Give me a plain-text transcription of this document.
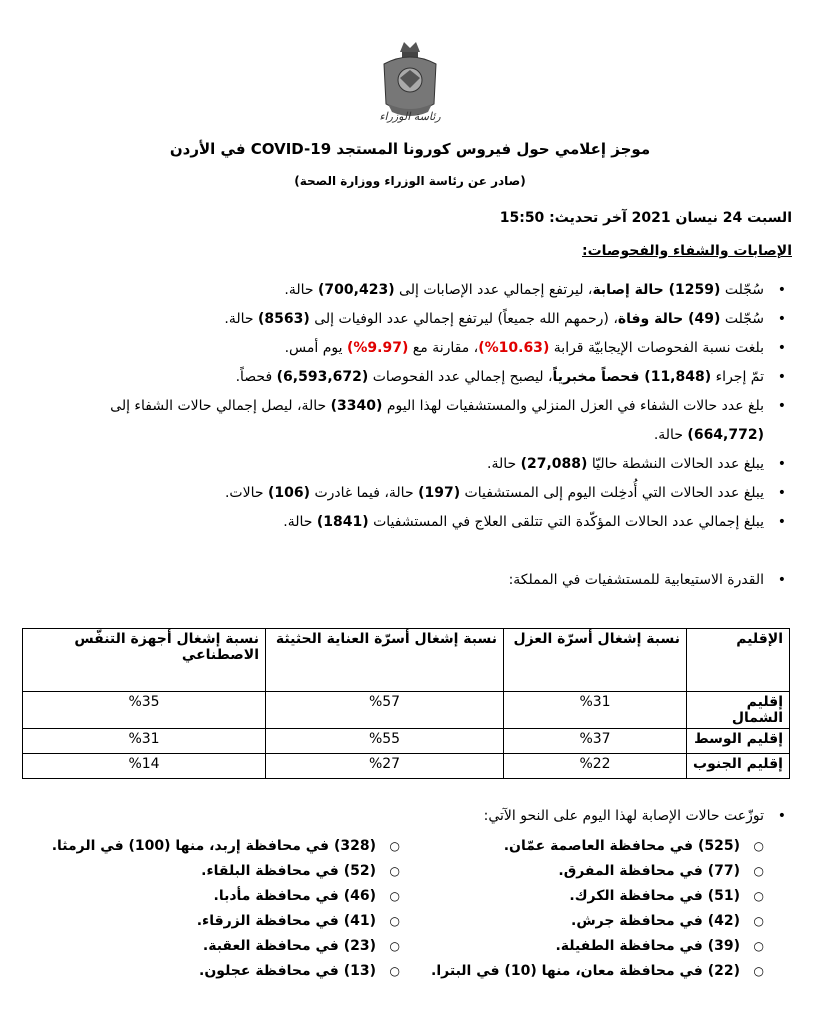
رئاسة الوزراء
موجز إعلامي حول فيروس كورونا المستجد COVID-19 في الأردن
(صادر عن رئاسة الوزراء ووزارة الصحة)
السبت 24 نيسان 2021 آخر تحديث: 15:50
الإصابات والشفاء والفحوصات:
• سُجّلت (1259) حالة إصابة، ليرتفع إجمالي عدد الإصابات إلى (700,423) حالة.
• سُجّلت (49) حالة وفاة، (رحمهم الله جميعاً) ليرتفع إجمالي عدد الوفيات إلى (8563) حالة.
• بلغت نسبة الفحوصات الإيجابيّة قرابة (10.63%)، مقارنة مع (9.97%) يوم أمس.
• تمّ إجراء (11,848) فحصاً مخبرياً، ليصبح إجمالي عدد الفحوصات (6,593,672) فحصاً.
• بلغ عدد حالات الشفاء في العزل المنزلي والمستشفيات لهذا اليوم (3340) حالة، ليصل إجمالي حالات الشفاء إلى (664,772) حالة.
• يبلغ عدد الحالات النشطة حاليّا (27,088) حالة.
• يبلغ عدد الحالات التي أُدخِلت اليوم إلى المستشفيات (197) حالة، فيما غادرت (106) حالات.
• يبلغ إجمالي عدد الحالات المؤكّدة التي تتلقى العلاج في المستشفيات (1841) حالة.
• القدرة الاستيعابية للمستشفيات في المملكة:
الإقليم	نسبة إشغال أسرّة العزل	نسبة إشغال أسرّة العناية الحثيثة	نسبة إشغال أجهزة التنفّس الاصطناعي
إقليم الشمال	%31	%57	%35
إقليم الوسط	%37	%55	%31
إقليم الجنوب	%22	%27	%14
• توزّعت حالات الإصابة لهذا اليوم على النحو الآتي:
○ (525) في محافظة العاصمة عمّان.
○ (77) في محافظة المفرق.
○ (51) في محافظة الكرك.
○ (42) في محافظة جرش.
○ (39) في محافظة الطفيلة.
○ (22) في محافظة معان، منها (10) في البترا.
○ (328) في محافظة إربد، منها (100) في الرمثا.
○ (52) في محافظة البلقاء.
○ (46) في محافظة مأدبا.
○ (41) في محافظة الزرقاء.
○ (23) في محافظة العقبة.
○ (13) في محافظة عجلون.
